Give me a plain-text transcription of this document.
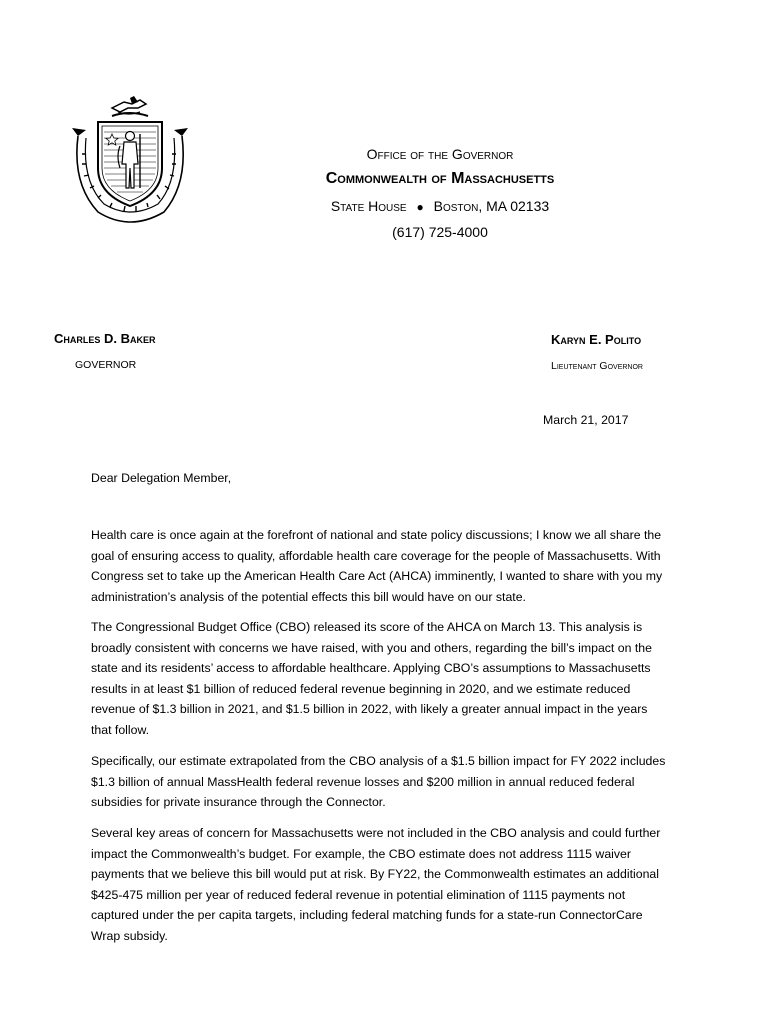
Office of the Governor
Commonwealth of Massachusetts
State House ● Boston, MA 02133
(617) 725-4000
Charles D. Baker
GOVERNOR
Karyn E. Polito
Lieutenant Governor
March 21, 2017
Dear Delegation Member,

Health care is once again at the forefront of national and state policy discussions; I know we all share the goal of ensuring access to quality, affordable health care coverage for the people of Massachusetts. With Congress set to take up the American Health Care Act (AHCA) imminently, I wanted to share with you my administration’s analysis of the potential effects this bill would have on our state.

The Congressional Budget Office (CBO) released its score of the AHCA on March 13. This analysis is broadly consistent with concerns we have raised, with you and others, regarding the bill’s impact on the state and its residents’ access to affordable healthcare. Applying CBO’s assumptions to Massachusetts results in at least $1 billion of reduced federal revenue beginning in 2020, and we estimate reduced revenue of $1.3 billion in 2021, and $1.5 billion in 2022, with likely a greater annual impact in the years that follow.

Specifically, our estimate extrapolated from the CBO analysis of a $1.5 billion impact for FY 2022 includes $1.3 billion of annual MassHealth federal revenue losses and $200 million in annual reduced federal subsidies for private insurance through the Connector.

Several key areas of concern for Massachusetts were not included in the CBO analysis and could further impact the Commonwealth’s budget. For example, the CBO estimate does not address 1115 waiver payments that we believe this bill would put at risk. By FY22, the Commonwealth estimates an additional $425-475 million per year of reduced federal revenue in potential elimination of 1115 payments not captured under the per capita targets, including federal matching funds for a state-run ConnectorCare Wrap subsidy.
